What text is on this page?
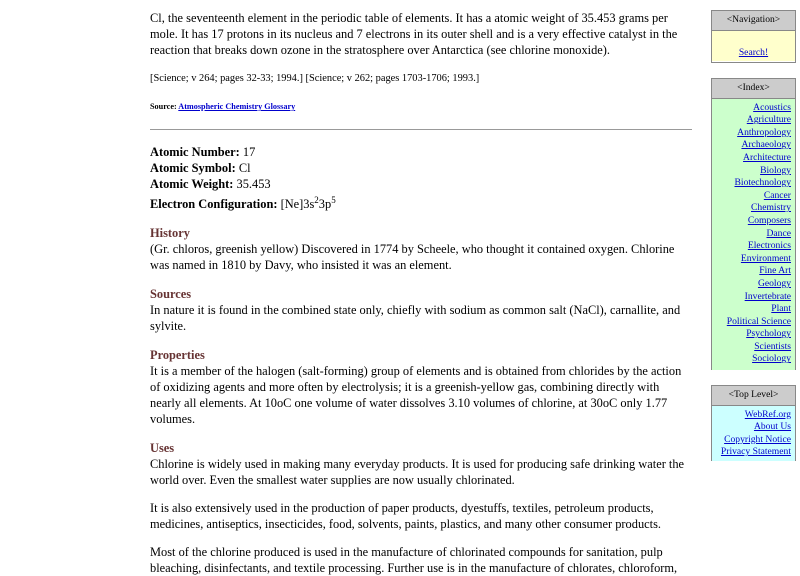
Cl, the seventeenth element in the periodic table of elements. It has a atomic weight of 35.453 grams per mole. It has 17 protons in its nucleus and 7 electrons in its outer shell and is a very effective catalyst in the reaction that breaks down ozone in the stratosphere over Antarctica (see chlorine monoxide).

[Science; v 264; pages 32-33; 1994.] [Science; v 262; pages 1703-1706; 1993.]

Source: Atmospheric Chemistry Glossary

Atomic Number: 17

Atomic Symbol: Cl

Atomic Weight: 35.453

Electron Configuration: $[Ne]3s^23p^5$

History

(Gr. chloros, greenish yellow) Discovered in 1774 by Scheele, who thought it contained oxygen. Chlorine was named in 1810 by Davy, who insisted it was an element.

Sources

In nature it is found in the combined state only, chiefly with sodium as common salt (NaCl), carnallite, and sylvite.

Properties

It is a member of the halogen (salt-forming) group of elements and is obtained from chlorides by the action of oxidizing agents and more often by electrolysis; it is a greenish-yellow gas, combining directly with nearly all elements. At 10oC one volume of water dissolves 3.10 volumes of chlorine, at 30oC only 1.77 volumes.

Uses

Chlorine is widely used in making many everyday products. It is used for producing safe drinking water the world over. Even the smallest water supplies are now usually chlorinated.

It is also extensively used in the production of paper products, dyestuffs, textiles, petroleum products, medicines, antiseptics, insecticides, food, solvents, paints, plastics, and many other consumer products.

Most of the chlorine produced is used in the manufacture of chlorinated compounds for sanitation, pulp bleaching, disinfectants, and textile processing. Further use is in the manufacture of chlorates, chloroform,

<Navigation>
Search!
<Index>
Acoustics
Agriculture
Anthropology
Archaeology
Architecture
Biology
Biotechnology
Cancer
Chemistry
Composers
Dance
Electronics
Environment
Fine Art
Geology
Invertebrate
Plant
Political Science
Psychology
Scientists
Sociology
<Top Level>
WebRef.org
About Us
Copyright Notice
Privacy Statement
